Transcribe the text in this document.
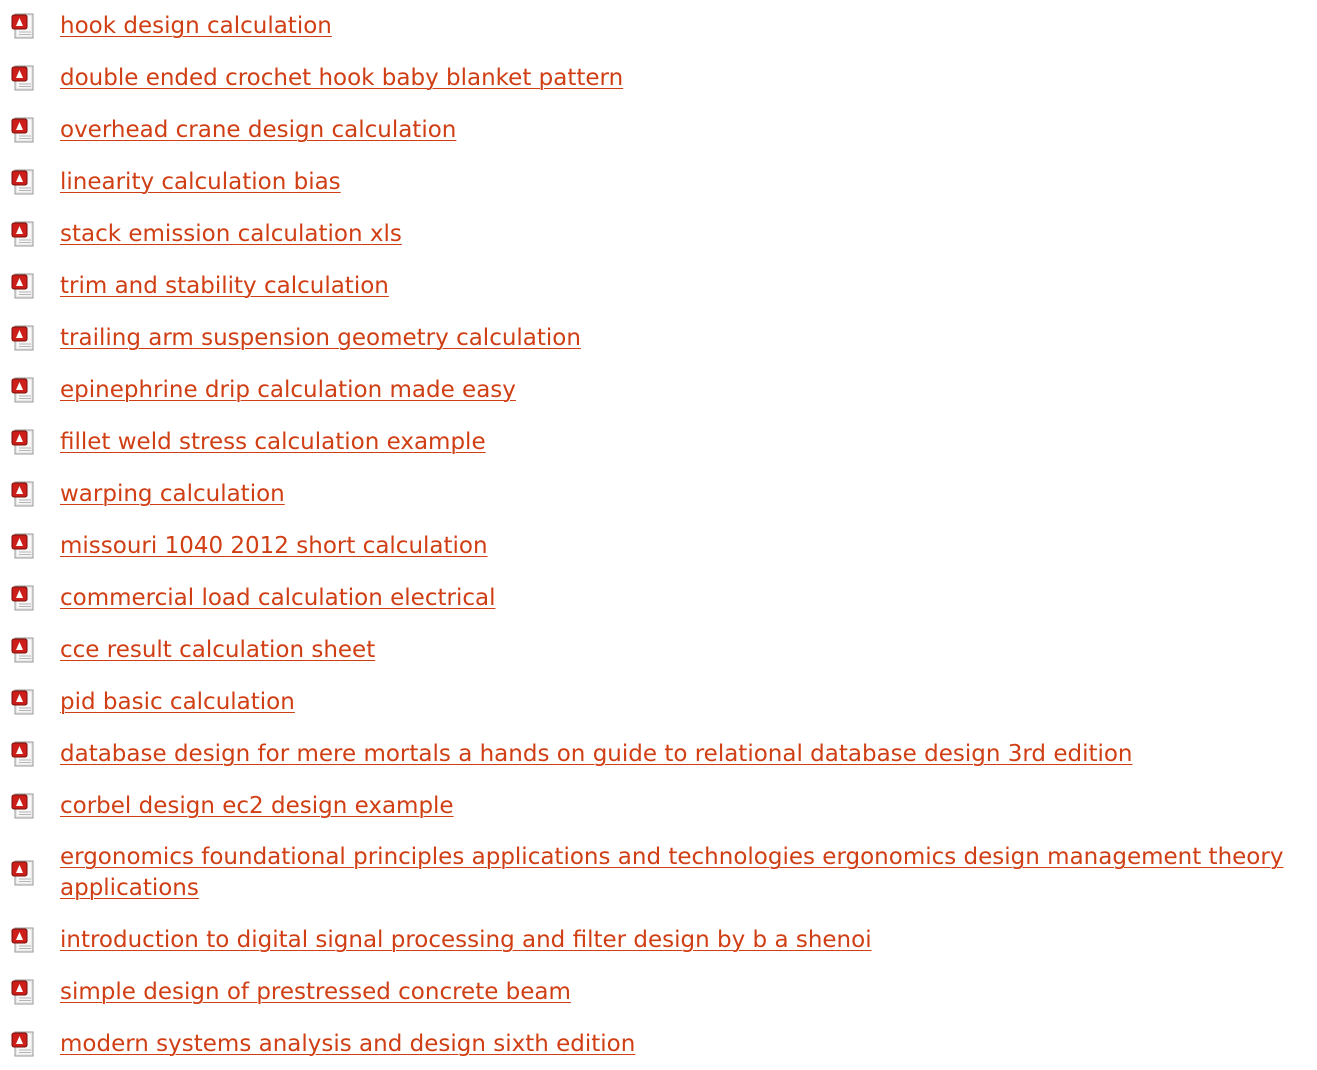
hook design calculation
double ended crochet hook baby blanket pattern
overhead crane design calculation
linearity calculation bias
stack emission calculation xls
trim and stability calculation
trailing arm suspension geometry calculation
epinephrine drip calculation made easy
fillet weld stress calculation example
warping calculation
missouri 1040 2012 short calculation
commercial load calculation electrical
cce result calculation sheet
pid basic calculation
database design for mere mortals a hands on guide to relational database design 3rd edition
corbel design ec2 design example
ergonomics foundational principles applications and technologies ergonomics design management theory applications
introduction to digital signal processing and filter design by b a shenoi
simple design of prestressed concrete beam
modern systems analysis and design sixth edition
